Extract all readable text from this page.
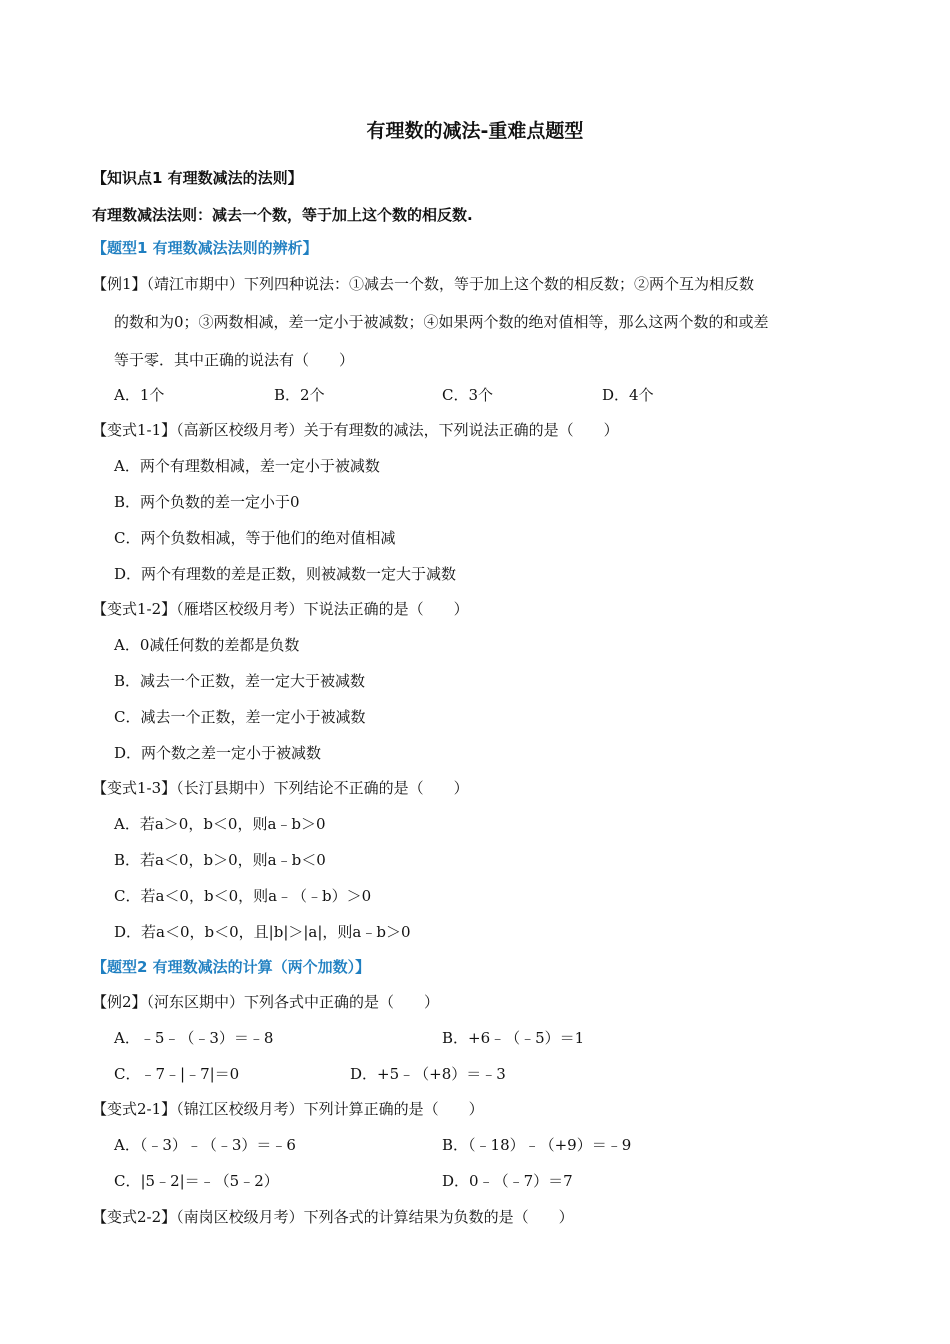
有理数的减法-重难点题型
【知识点1 有理数减法的法则】
有理数减法法则：减去一个数，等于加上这个数的相反数.
【题型1 有理数减法法则的辨析】
【例1】（靖江市期中）下列四种说法：①减去一个数，等于加上这个数的相反数；②两个互为相反数
的数和为0；③两数相减，差一定小于被减数；④如果两个数的绝对值相等，那么这两个数的和或差
等于零．其中正确的说法有（　　）
A．1个	B．2个	C．3个	D．4个
【变式1-1】（高新区校级月考）关于有理数的减法，下列说法正确的是（　　）
A．两个有理数相减，差一定小于被减数
B．两个负数的差一定小于0
C．两个负数相减，等于他们的绝对值相减
D．两个有理数的差是正数，则被减数一定大于减数
【变式1-2】（雁塔区校级月考）下说法正确的是（　　）
A．0减任何数的差都是负数
B．减去一个正数，差一定大于被减数
C．减去一个正数，差一定小于被减数
D．两个数之差一定小于被减数
【变式1-3】（长汀县期中）下列结论不正确的是（　　）
A．若a＞0，b＜0，则a﹣b＞0
B．若a＜0，b＞0，则a﹣b＜0
C．若a＜0，b＜0，则a﹣（﹣b）＞0
D．若a＜0，b＜0，且|b|＞|a|，则a﹣b＞0
【题型2 有理数减法的计算（两个加数）】
【例2】（河东区期中）下列各式中正确的是（　　）
A．﹣5﹣（﹣3）＝﹣8	B．+6﹣（﹣5）＝1
C．﹣7﹣|﹣7|＝0	D．+5﹣（+8）＝﹣3
【变式2-1】（锦江区校级月考）下列计算正确的是（　　）
A．（﹣3）﹣（﹣3）＝﹣6	B．（﹣18）﹣（+9）＝﹣9
C．|5﹣2|＝﹣（5﹣2）	D．0﹣（﹣7）＝7
【变式2-2】（南岗区校级月考）下列各式的计算结果为负数的是（　　）
